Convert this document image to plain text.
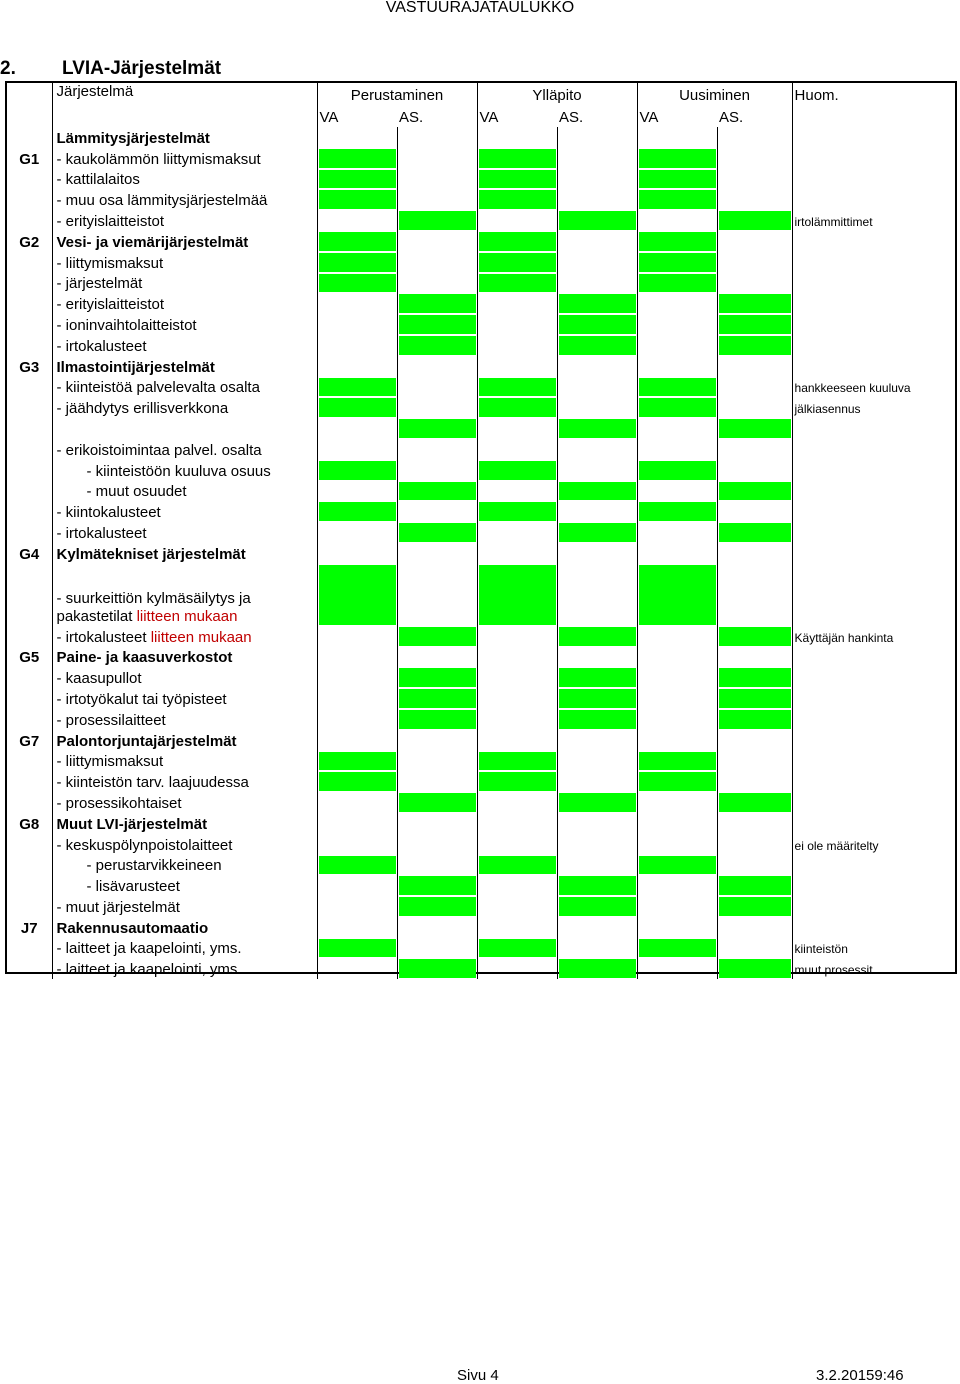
VASTUURAJATAULUKKO
2. LVIA-Järjestelmät
	Järjestelmä	Perustaminen		Ylläpito		Uusiminen		Huom.
		VA	AS.	VA	AS.	VA	AS.	
	Lämmitysjärjestelmät							
G1	- kaukolämmön liittymismaksut	

	- kattilalaitos	

	- muu osa lämmitysjärjestelmää	

	- erityislaitteistot							irtolämmittimet
G2	Vesi- ja viemärijärjestelmät	

	- liittymismaksut	

	- järjestelmät	

	- erityislaitteistot		

	- ioninvaihtolaitteistot		

	- irtokalusteet		

G3	Ilmastointijärjestelmät							
	- kiinteistöä palvelevalta osalta							hankkeeseen kuuluva
	- jäähdytys erillisverkkona							jälkiasennus

	- erikoistoimintaa palvel. osalta							
	- kiinteistöön kuuluva osuus	

	- muut osuudet		

	- kiintokalusteet	

	- irtokalusteet		

G4	Kylmätekniset järjestelmät							
	- suurkeittiön kylmäsäilytys ja
pakastetilat liitteen mukaan	

	- irtokalusteet liitteen mukaan							Käyttäjän hankinta
G5	Paine- ja kaasuverkostot							
	- kaasupullot		

	- irtotyökalut tai työpisteet		

	- prosessilaitteet		

G7	Palontorjuntajärjestelmät							
	- liittymismaksut	

	- kiinteistön tarv. laajuudessa	

	- prosessikohtaiset		

G8	Muut LVI-järjestelmät							
	- keskuspölynpoistolaitteet							ei ole määritelty
	- perustarvikkeineen	

	- lisävarusteet		

	- muut järjestelmät		

J7	Rakennusautomaatio							
	- laitteet ja kaapelointi, yms.							kiinteistön
	- laitteet ja kaapelointi, yms.							muut prosessit
Sivu 4	3.2.20159:46
